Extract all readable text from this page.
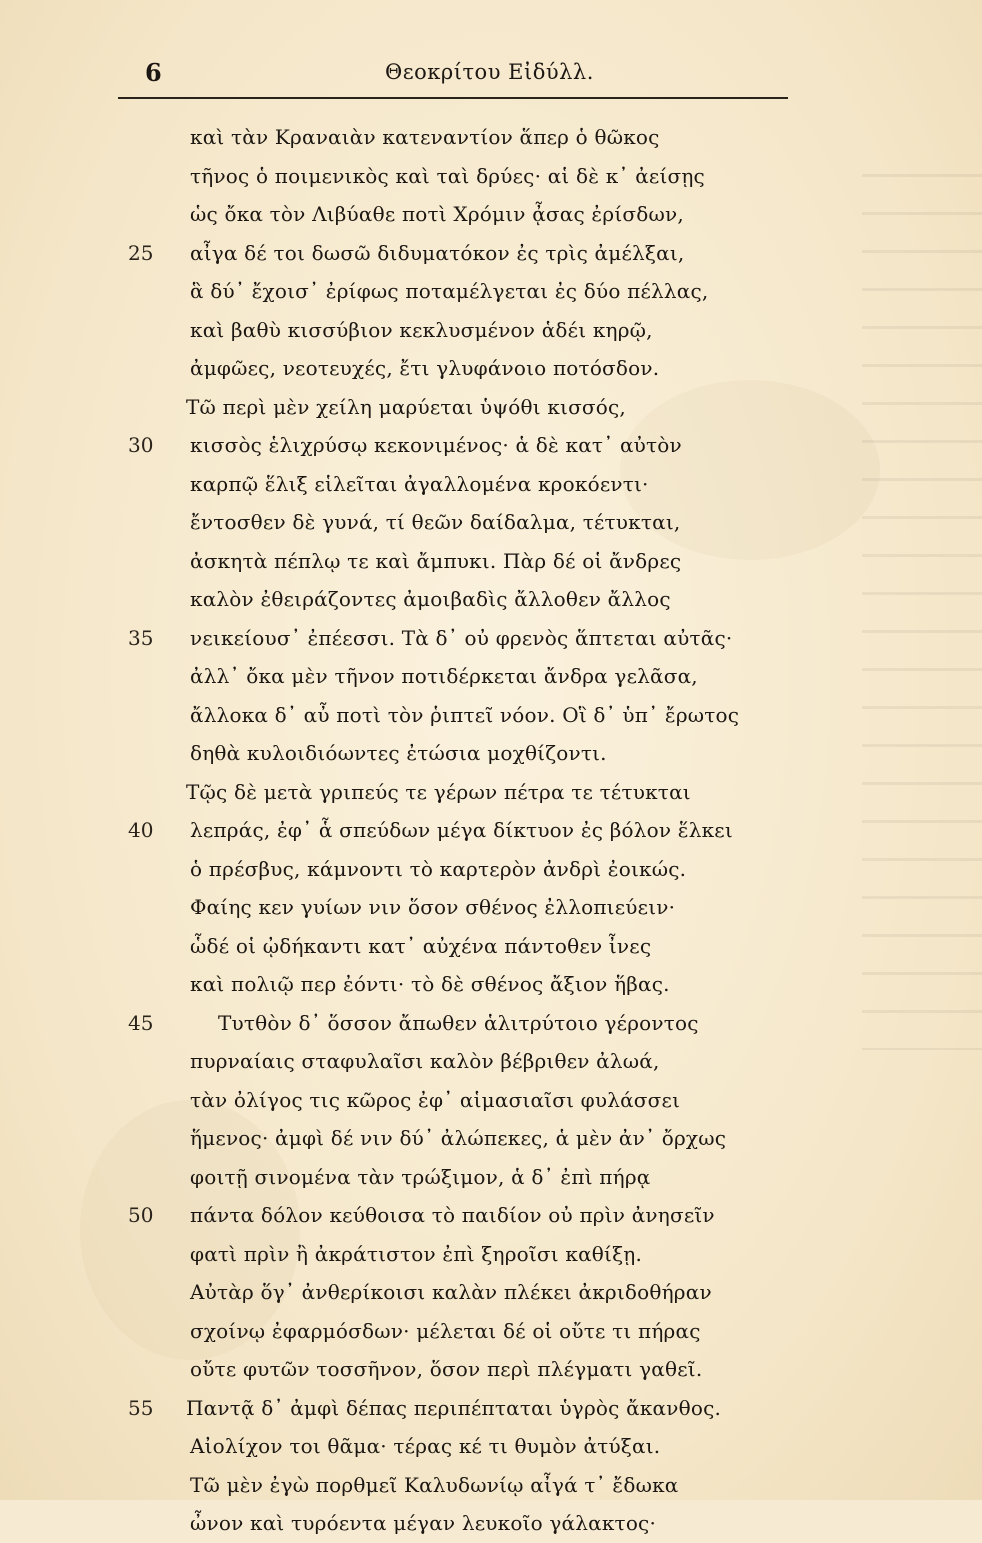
6	Θεοκρίτου Εἰδύλλ.
καὶ τὰν Κραναιὰν κατεναντίον ἅπερ ὁ θῶκος
τῆνος ὁ ποιμενικὸς καὶ ταὶ δρύες· αἱ δὲ κ᾽ ἀείσῃς
ὡς ὄκα τὸν Λιβύαθε ποτὶ Χρόμιν ᾆσας ἐρίσδων,
25	αἶγα δέ τοι δωσῶ διδυματόκον ἐς τρὶς ἀμέλξαι,
ἃ δύ᾽ ἔχοισ᾽ ἐρίφως ποταμέλγεται ἐς δύο πέλλας,
καὶ βαθὺ κισσύβιον κεκλυσμένον ἁδέι κηρῷ,
ἀμφῶες, νεοτευχές, ἔτι γλυφάνοιο ποτόσδον.
Τῶ περὶ μὲν χείλη μαρύεται ὑψόθι κισσός,
30	κισσὸς ἑλιχρύσῳ κεκονιμένος· ἁ δὲ κατ᾽ αὐτὸν
καρπῷ ἕλιξ εἱλεῖται ἀγαλλομένα κροκόεντι·
ἔντοσθεν δὲ γυνά, τί θεῶν δαίδαλμα, τέτυκται,
ἀσκητὰ πέπλῳ τε καὶ ἄμπυκι. Πὰρ δέ οἱ ἄνδρες
καλὸν ἐθειράζοντες ἀμοιβαδὶς ἄλλοθεν ἄλλος
35	νεικείουσ᾽ ἐπέεσσι. Τὰ δ᾽ οὐ φρενὸς ἅπτεται αὐτᾶς·
ἀλλ᾽ ὄκα μὲν τῆνον ποτιδέρκεται ἄνδρα γελᾶσα,
ἄλλοκα δ᾽ αὖ ποτὶ τὸν ῥιπτεῖ νόον. Οἳ δ᾽ ὑπ᾽ ἔρωτος
δηθὰ κυλοιδιόωντες ἐτώσια μοχθίζοντι.
Τῷς δὲ μετὰ γριπεύς τε γέρων πέτρα τε τέτυκται
40	λεπράς, ἐφ᾽ ἇ σπεύδων μέγα δίκτυον ἐς βόλον ἕλκει
ὁ πρέσβυς, κάμνοντι τὸ καρτερὸν ἀνδρὶ ἐοικώς.
Φαίης κεν γυίων νιν ὅσον σθένος ἐλλοπιεύειν·
ὧδέ οἱ ᾠδήκαντι κατ᾽ αὐχένα πάντοθεν ἶνες
καὶ πολιῷ περ ἐόντι· τὸ δὲ σθένος ἄξιον ἥβας.
45	Τυτθὸν δ᾽ ὅσσον ἄπωθεν ἁλιτρύτοιο γέροντος
πυρναίαις σταφυλαῖσι καλὸν βέβριθεν ἀλωά,
τὰν ὀλίγος τις κῶρος ἐφ᾽ αἱμασιαῖσι φυλάσσει
ἥμενος· ἀμφὶ δέ νιν δύ᾽ ἀλώπεκες, ἁ μὲν ἀν᾽ ὄρχως
φοιτῇ σινομένα τὰν τρώξιμον, ἁ δ᾽ ἐπὶ πήρᾳ
50	πάντα δόλον κεύθοισα τὸ παιδίον οὐ πρὶν ἀνησεῖν
φατὶ πρὶν ἢ ἀκράτιστον ἐπὶ ξηροῖσι καθίξῃ.
Αὐτὰρ ὅγ᾽ ἀνθερίκοισι καλὰν πλέκει ἀκριδοθήραν
σχοίνῳ ἐφαρμόσδων· μέλεται δέ οἱ οὔτε τι πήρας
οὔτε φυτῶν τοσσῆνον, ὅσον περὶ πλέγματι γαθεῖ.
55	Παντᾷ δ᾽ ἀμφὶ δέπας περιπέπταται ὑγρὸς ἄκανθος.
Αἰολίχον τοι θᾶμα· τέρας κέ τι θυμὸν ἀτύξαι.
Τῶ μὲν ἐγὼ πορθμεῖ Καλυδωνίῳ αἶγά τ᾽ ἔδωκα
ὦνον καὶ τυρόεντα μέγαν λευκοῖο γάλακτος·
